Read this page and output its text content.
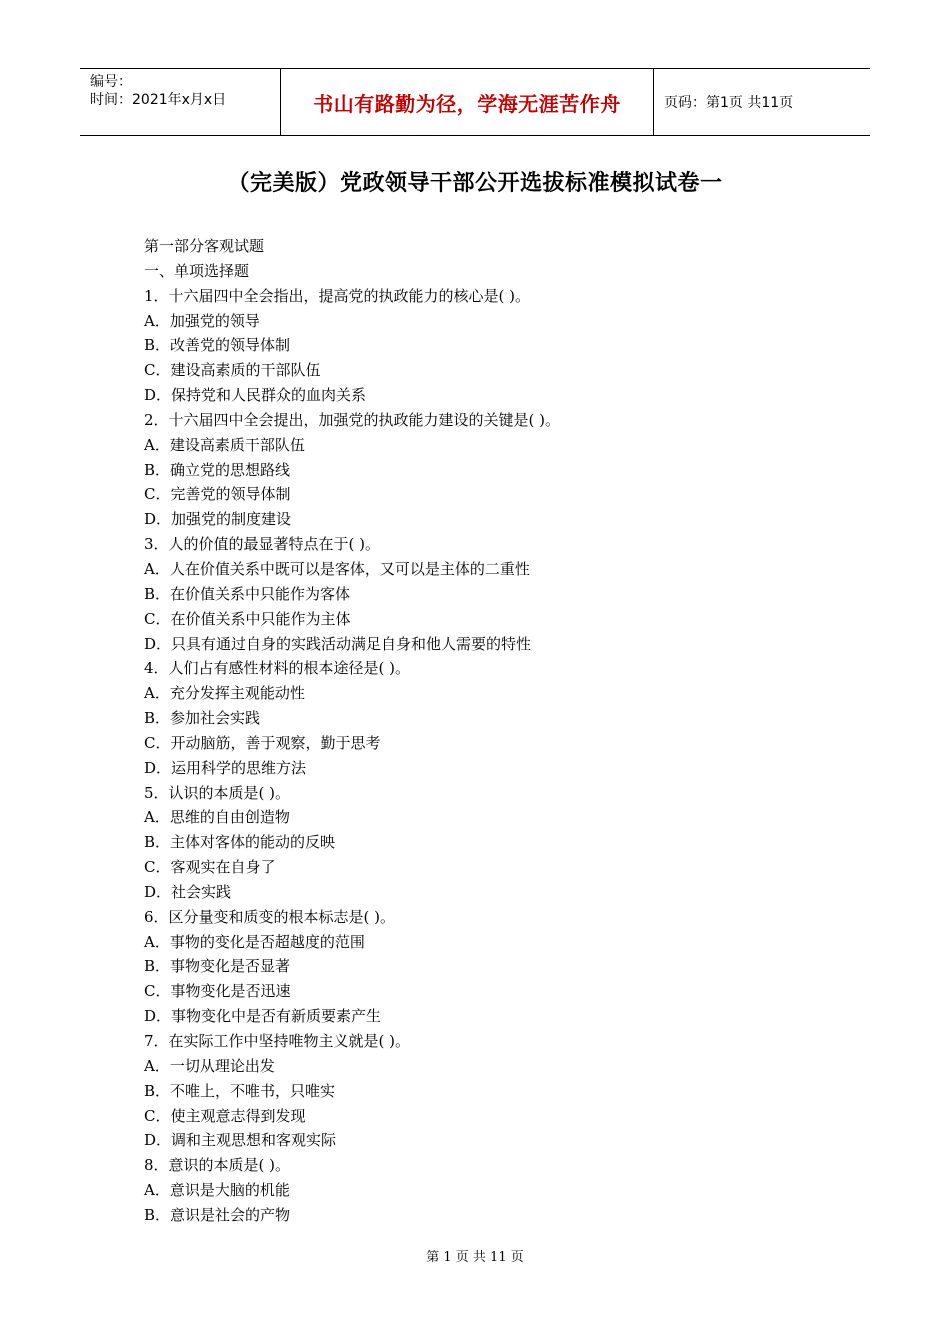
编号：
时间：2021年x月x日	书山有路勤为径，学海无涯苦作舟	页码：第1页 共11页
（完美版）党政领导干部公开选拔标准模拟试卷一
第一部分客观试题
一、单项选择题
1．十六届四中全会指出，提高党的执政能力的核心是( )。
A．加强党的领导
B．改善党的领导体制
C．建设高素质的干部队伍
D．保持党和人民群众的血肉关系
2．十六届四中全会提出，加强党的执政能力建设的关键是( )。
A．建设高素质干部队伍
B．确立党的思想路线
C．完善党的领导体制
D．加强党的制度建设
3．人的价值的最显著特点在于( )。
A．人在价值关系中既可以是客体，又可以是主体的二重性
B．在价值关系中只能作为客体
C．在价值关系中只能作为主体
D．只具有通过自身的实践活动满足自身和他人需要的特性
4．人们占有感性材料的根本途径是( )。
A．充分发挥主观能动性
B．参加社会实践
C．开动脑筋，善于观察，勤于思考
D．运用科学的思维方法
5．认识的本质是( )。
A．思维的自由创造物
B．主体对客体的能动的反映
C．客观实在自身了
D．社会实践
6．区分量变和质变的根本标志是( )。
A．事物的变化是否超越度的范围
B．事物变化是否显著
C．事物变化是否迅速
D．事物变化中是否有新质要素产生
7．在实际工作中坚持唯物主义就是( )。
A．一切从理论出发
B．不唯上，不唯书，只唯实
C．使主观意志得到发现
D．调和主观思想和客观实际
8．意识的本质是( )。
A．意识是大脑的机能
B．意识是社会的产物
第 1 页 共 11 页
